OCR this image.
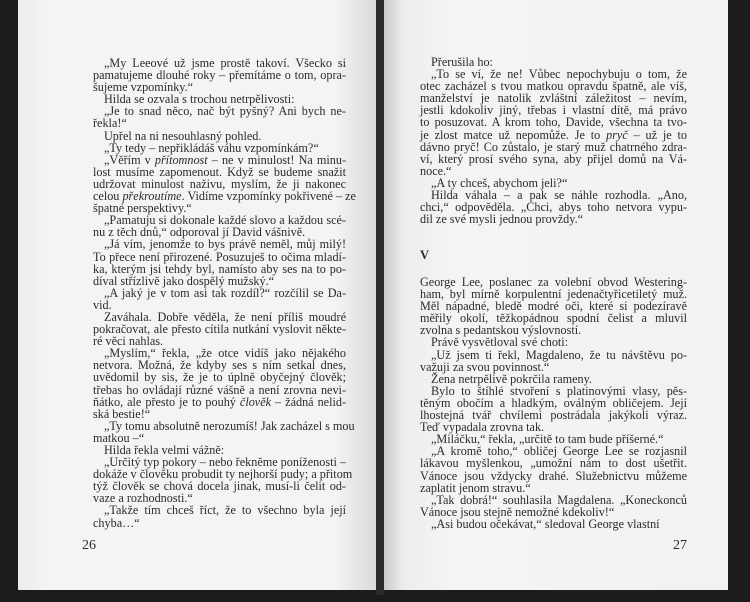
„My Leeové už jsme prostě takoví. Všecko si
pamatujeme dlouhé roky – přemítáme o tom, opra-
šujeme vzpomínky.“
Hilda se ozvala s trochou netrpělivosti:
„Je to snad něco, nač být pyšný? Ani bych ne-
řekla!“
Upřel na ni nesouhlasný pohled.
„Ty tedy – nepřikládáš váhu vzpomínkám?“
„Věřím v přítomnost – ne v minulost! Na minu-
lost musíme zapomenout. Když se budeme snažit
udržovat minulost naživu, myslím, že ji nakonec
celou překroutíme. Vidíme vzpomínky pokřivené – ze
špatné perspektivy.“
„Pamatuju si dokonale každé slovo a každou scé-
nu z těch dnů,“ odporoval jí David vášnivě.
„Já vím, jenomže to bys právě neměl, můj milý!
To přece není přirozené. Posuzuješ to očima mladí-
ka, kterým jsi tehdy byl, namísto aby ses na to po-
díval střízlivě jako dospělý mužský.“
„A jaký je v tom asi tak rozdíl?“ rozčílil se Da-
vid.
Zaváhala. Dobře věděla, že není příliš moudré
pokračovat, ale přesto cítila nutkání vyslovit někte-
ré věci nahlas.
„Myslím,“ řekla, „že otce vidíš jako nějakého
netvora. Možná, že kdyby ses s ním setkal dnes,
uvědomil by sis, že je to úplně obyčejný člověk;
třebas ho ovládají různé vášně a není zrovna nevi-
ňátko, ale přesto je to pouhý člověk – žádná nelid-
ská bestie!“
„Ty tomu absolutně nerozumíš! Jak zacházel s mou
matkou –“
Hilda řekla velmi vážně:
„Určitý typ pokory – nebo řekněme poníženosti –
dokáže v člověku probudit ty nejhorší pudy; a přitom
týž člověk se chová docela jinak, musí-li čelit od-
vaze a rozhodnosti.“
„Takže tím chceš říct, že to všechno byla její
chyba…“
26
Přerušila ho:
„To se ví, že ne! Vůbec nepochybuju o tom, že
otec zacházel s tvou matkou opravdu špatně, ale víš,
manželství je natolik zvláštní záležitost – nevím,
jestli kdokoliv jiný, třebas i vlastní dítě, má právo
to posuzovat. A krom toho, Davide, všechna ta tvo-
je zlost matce už nepomůže. Je to pryč – už je to
dávno pryč! Co zůstalo, je starý muž chatrného zdra-
ví, který prosí svého syna, aby přijel domů na Vá-
noce.“
„A ty chceš, abychom jeli?“
Hilda váhala – a pak se náhle rozhodla. „Ano,
chci,“ odpověděla. „Chci, abys toho netvora vypu-
dil ze své mysli jednou provždy.“
V
George Lee, poslanec za volební obvod Westering-
ham, byl mírně korpulentní jedenačtyřicetiletý muž.
Měl nápadné, bledě modré oči, které si podezíravě
měřily okolí, těžkopádnou spodní čelist a mluvil
zvolna s pedantskou výslovností.
Právě vysvětloval své choti:
„Už jsem ti řekl, Magdaleno, že tu návštěvu po-
važuji za svou povinnost.“
Žena netrpělivě pokrčila rameny.
Bylo to štíhlé stvoření s platinovými vlasy, pěs-
těným obočím a hladkým, oválným obličejem. Její
lhostejná tvář chvílemi postrádala jakýkoli výraz.
Teď vypadala zrovna tak.
„Miláčku,“ řekla, „určitě to tam bude příšerné.“
„A kromě toho,“ obličej George Lee se rozjasnil
lákavou myšlenkou, „umožní nám to dost ušetřit.
Vánoce jsou vždycky drahé. Služebnictvu můžeme
zaplatit jenom stravu.“
„Tak dobrá!“ souhlasila Magdalena. „Koneckonců
Vánoce jsou stejně nemožné kdekoliv!“
„Asi budou očekávat,“ sledoval George vlastní
27
